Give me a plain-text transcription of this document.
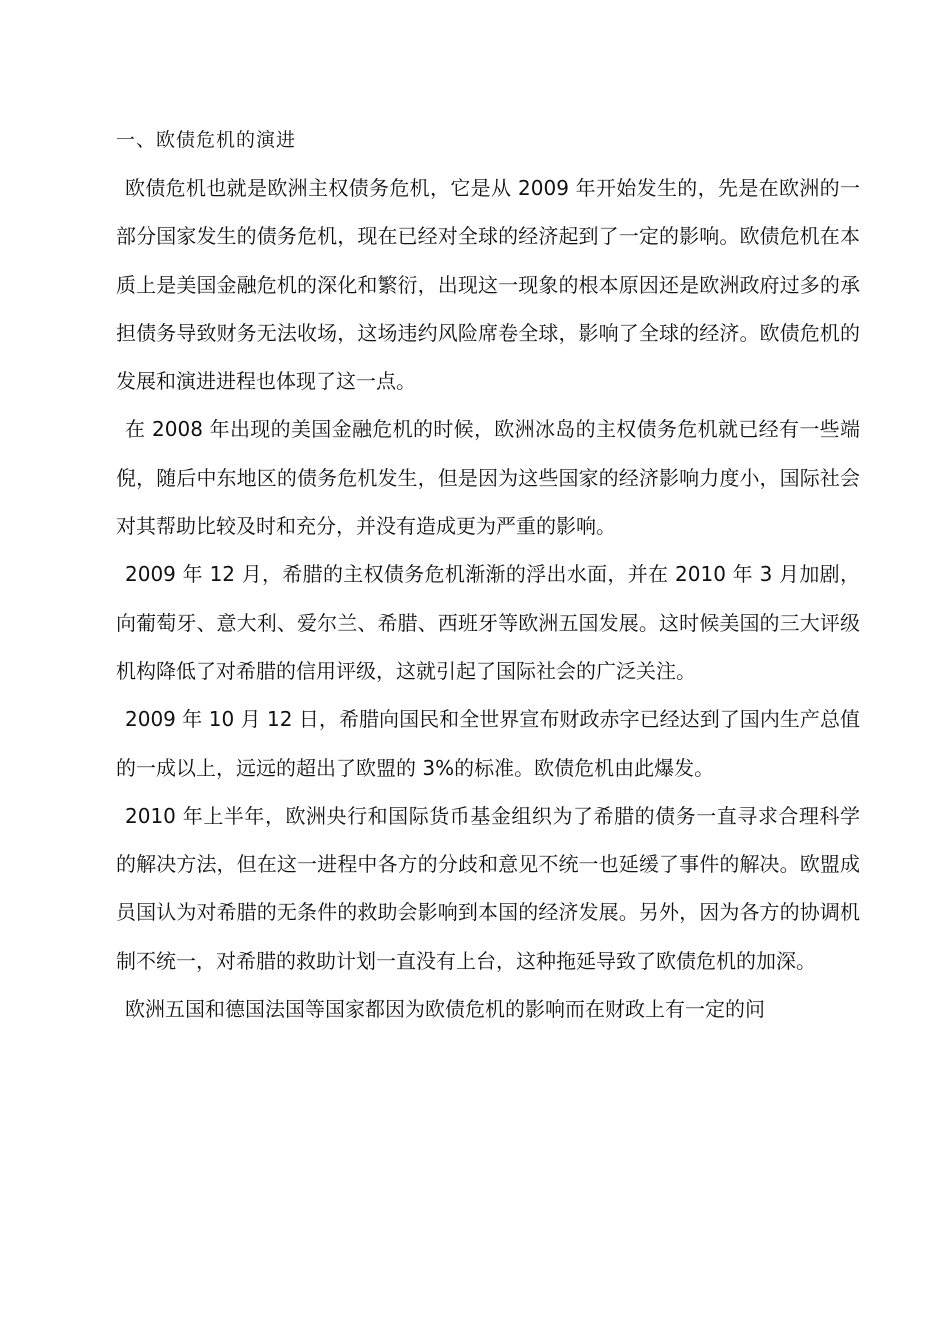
一、欧债危机的演进

欧债危机也就是欧洲主权债务危机，它是从 2009 年开始发生的，先是在欧洲的一部分国家发生的债务危机，现在已经对全球的经济起到了一定的影响。欧债危机在本质上是美国金融危机的深化和繁衍，出现这一现象的根本原因还是欧洲政府过多的承担债务导致财务无法收场，这场违约风险席卷全球，影响了全球的经济。欧债危机的发展和演进进程也体现了这一点。

在 2008 年出现的美国金融危机的时候，欧洲冰岛的主权债务危机就已经有一些端倪，随后中东地区的债务危机发生，但是因为这些国家的经济影响力度小，国际社会对其帮助比较及时和充分，并没有造成更为严重的影响。

2009 年 12 月，希腊的主权债务危机渐渐的浮出水面，并在 2010 年 3 月加剧，向葡萄牙、意大利、爱尔兰、希腊、西班牙等欧洲五国发展。这时候美国的三大评级机构降低了对希腊的信用评级，这就引起了国际社会的广泛关注。

2009 年 10 月 12 日，希腊向国民和全世界宣布财政赤字已经达到了国内生产总值的一成以上，远远的超出了欧盟的 3%的标准。欧债危机由此爆发。

2010 年上半年，欧洲央行和国际货币基金组织为了希腊的债务一直寻求合理科学的解决方法，但在这一进程中各方的分歧和意见不统一也延缓了事件的解决。欧盟成员国认为对希腊的无条件的救助会影响到本国的经济发展。另外，因为各方的协调机制不统一，对希腊的救助计划一直没有上台，这种拖延导致了欧债危机的加深。

欧洲五国和德国法国等国家都因为欧债危机的影响而在财政上有一定的问
